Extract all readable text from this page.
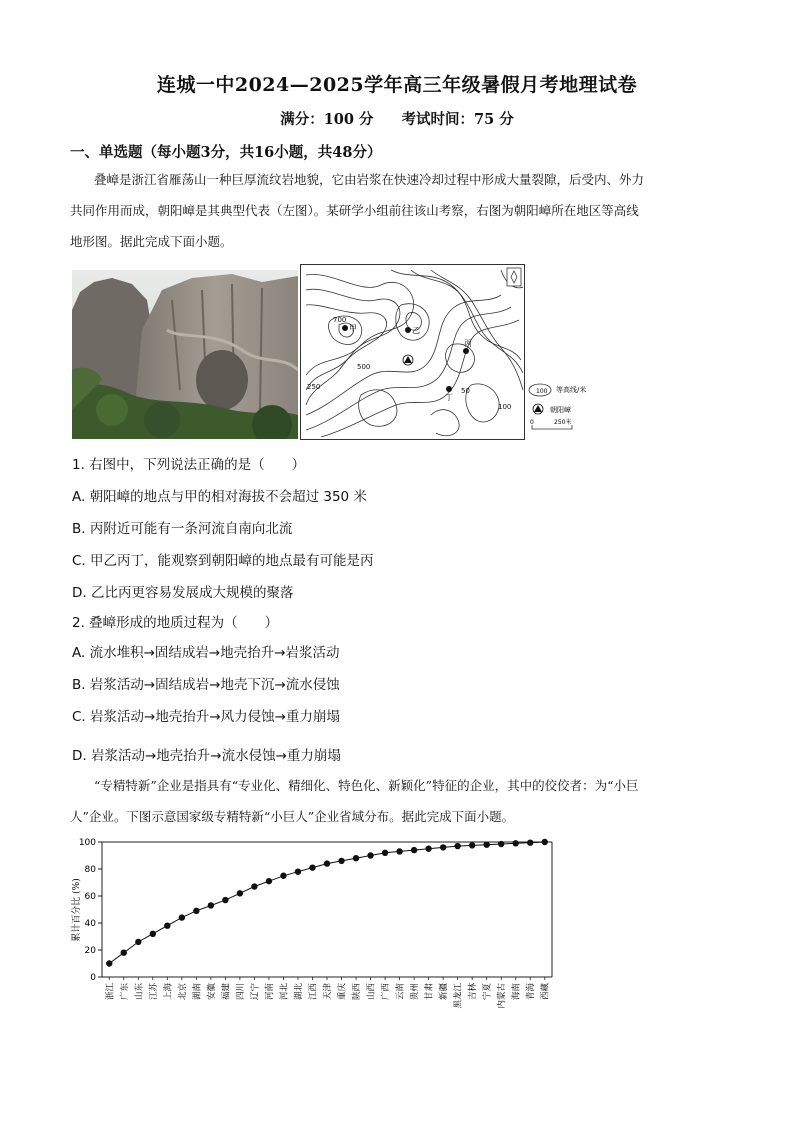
连城一中2024—2025学年高三年级暑假月考地理试卷
满分：100 分 考试时间：75 分
一、单选题（每小题3分，共16小题，共48分）
叠嶂是浙江省雁荡山一种巨厚流纹岩地貌，它由岩浆在快速冷却过程中形成大量裂隙，后受内、外力
共同作用而成，朝阳嶂是其典型代表（左图）。某研学小组前往该山考察，右图为朝阳嶂所在地区等高线
地形图。据此完成下面小题。
甲	乙
丙
丁
700
500
250	50
100
100 等高线/米
朝阳嶂
0	250米
1. 右图中，下列说法正确的是（　　）
A. 朝阳嶂的地点与甲的相对海拔不会超过 350 米
B. 丙附近可能有一条河流自南向北流
C. 甲乙丙丁，能观察到朝阳嶂的地点最有可能是丙
D. 乙比丙更容易发展成大规模的聚落
2. 叠嶂形成的地质过程为（　　）
A. 流水堆积→固结成岩→地壳抬升→岩浆活动
B. 岩浆活动→固结成岩→地壳下沉→流水侵蚀
C. 岩浆活动→地壳抬升→风力侵蚀→重力崩塌
D. 岩浆活动→地壳抬升→流水侵蚀→重力崩塌
“专精特新”企业是指具有“专业化、精细化、特色化、新颖化”特征的企业，其中的佼佼者：为“小巨
人”企业。下图示意国家级专精特新“小巨人”企业省域分布。据此完成下面小题。
累计百分比 (%)
0
20
40
60
80
100
浙江 广东 山东 江苏 上海 北京 湖南 安徽 福建 四川 辽宁 河南 河北 湖北 江西 天津 重庆 陕西 山西 广西 云南 贵州 甘肃 新疆 黑龙江 吉林 宁夏 内蒙古 海南 青海 西藏
